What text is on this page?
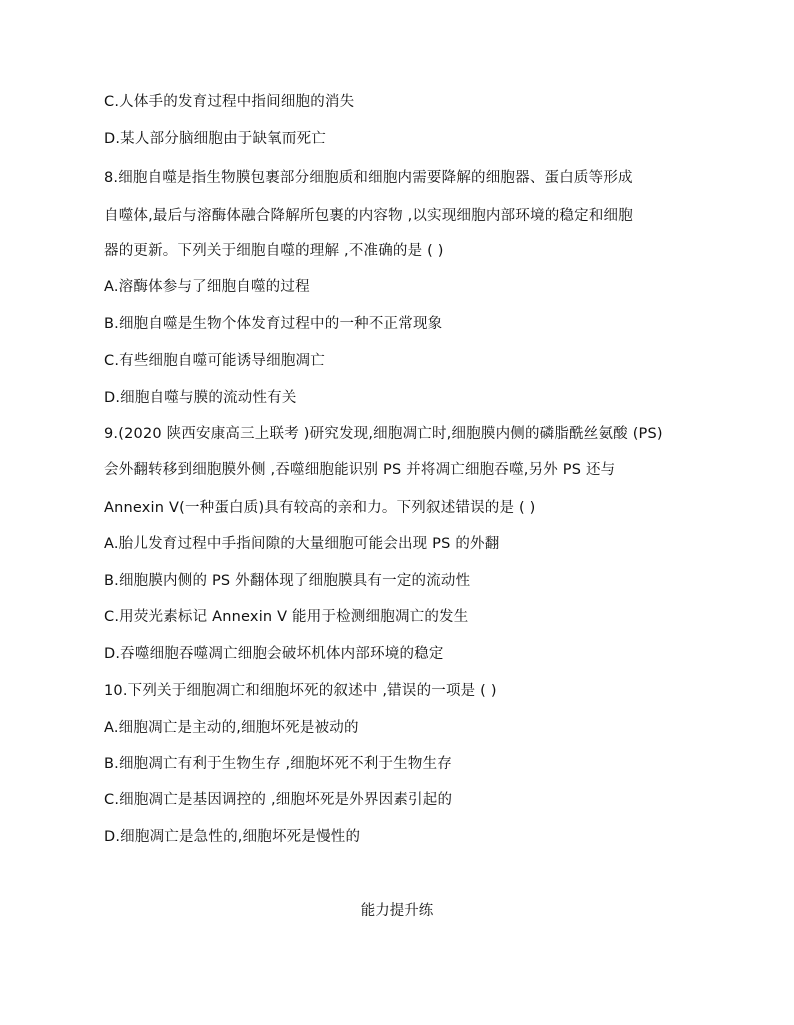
C.人体手的发育过程中指间细胞的消失
D.某人部分脑细胞由于缺氧而死亡
8.细胞自噬是指生物膜包裹部分细胞质和细胞内需要降解的细胞器、蛋白质等形成
自噬体,最后与溶酶体融合降解所包裹的内容物 ,以实现细胞内部环境的稳定和细胞
器的更新。下列关于细胞自噬的理解 ,不准确的是 ( )
A.溶酶体参与了细胞自噬的过程
B.细胞自噬是生物个体发育过程中的一种不正常现象
C.有些细胞自噬可能诱导细胞凋亡
D.细胞自噬与膜的流动性有关
9.(2020 陕西安康高三上联考 )研究发现,细胞凋亡时,细胞膜内侧的磷脂酰丝氨酸 (PS)
会外翻转移到细胞膜外侧 ,吞噬细胞能识别 PS 并将凋亡细胞吞噬,另外 PS 还与
Annexin V(一种蛋白质)具有较高的亲和力。下列叙述错误的是 ( )
A.胎儿发育过程中手指间隙的大量细胞可能会出现 PS 的外翻
B.细胞膜内侧的 PS 外翻体现了细胞膜具有一定的流动性
C.用荧光素标记 Annexin V 能用于检测细胞凋亡的发生
D.吞噬细胞吞噬凋亡细胞会破坏机体内部环境的稳定
10.下列关于细胞凋亡和细胞坏死的叙述中 ,错误的一项是 ( )
A.细胞凋亡是主动的,细胞坏死是被动的
B.细胞凋亡有利于生物生存 ,细胞坏死不利于生物生存
C.细胞凋亡是基因调控的 ,细胞坏死是外界因素引起的
D.细胞凋亡是急性的,细胞坏死是慢性的
能力提升练
